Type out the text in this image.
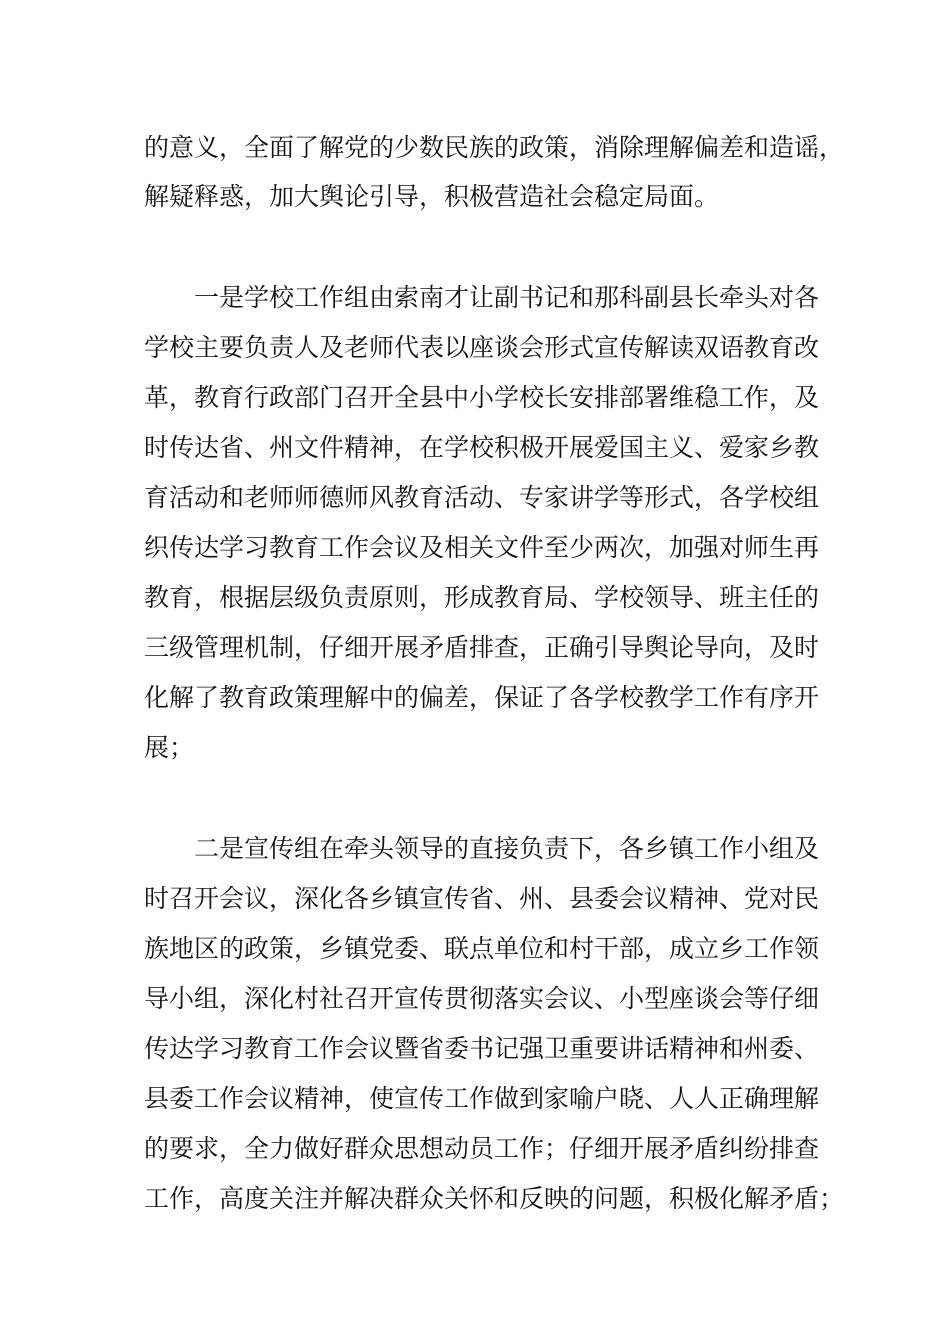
的意义，全面了解党的少数民族的政策，消除理解偏差和造谣，

解疑释惑，加大舆论引导，积极营造社会稳定局面。

一是学校工作组由索南才让副书记和那科副县长牵头对各

学校主要负责人及老师代表以座谈会形式宣传解读双语教育改

革，教育行政部门召开全县中小学校长安排部署维稳工作，及

时传达省、州文件精神，在学校积极开展爱国主义、爱家乡教

育活动和老师师德师风教育活动、专家讲学等形式，各学校组

织传达学习教育工作会议及相关文件至少两次，加强对师生再

教育，根据层级负责原则，形成教育局、学校领导、班主任的

三级管理机制，仔细开展矛盾排查，正确引导舆论导向，及时

化解了教育政策理解中的偏差，保证了各学校教学工作有序开

展；

二是宣传组在牵头领导的直接负责下，各乡镇工作小组及

时召开会议，深化各乡镇宣传省、州、县委会议精神、党对民

族地区的政策，乡镇党委、联点单位和村干部，成立乡工作领

导小组，深化村社召开宣传贯彻落实会议、小型座谈会等仔细

传达学习教育工作会议暨省委书记强卫重要讲话精神和州委、

县委工作会议精神，使宣传工作做到家喻户晓、人人正确理解

的要求，全力做好群众思想动员工作；仔细开展矛盾纠纷排查

工作，高度关注并解决群众关怀和反映的问题，积极化解矛盾；
